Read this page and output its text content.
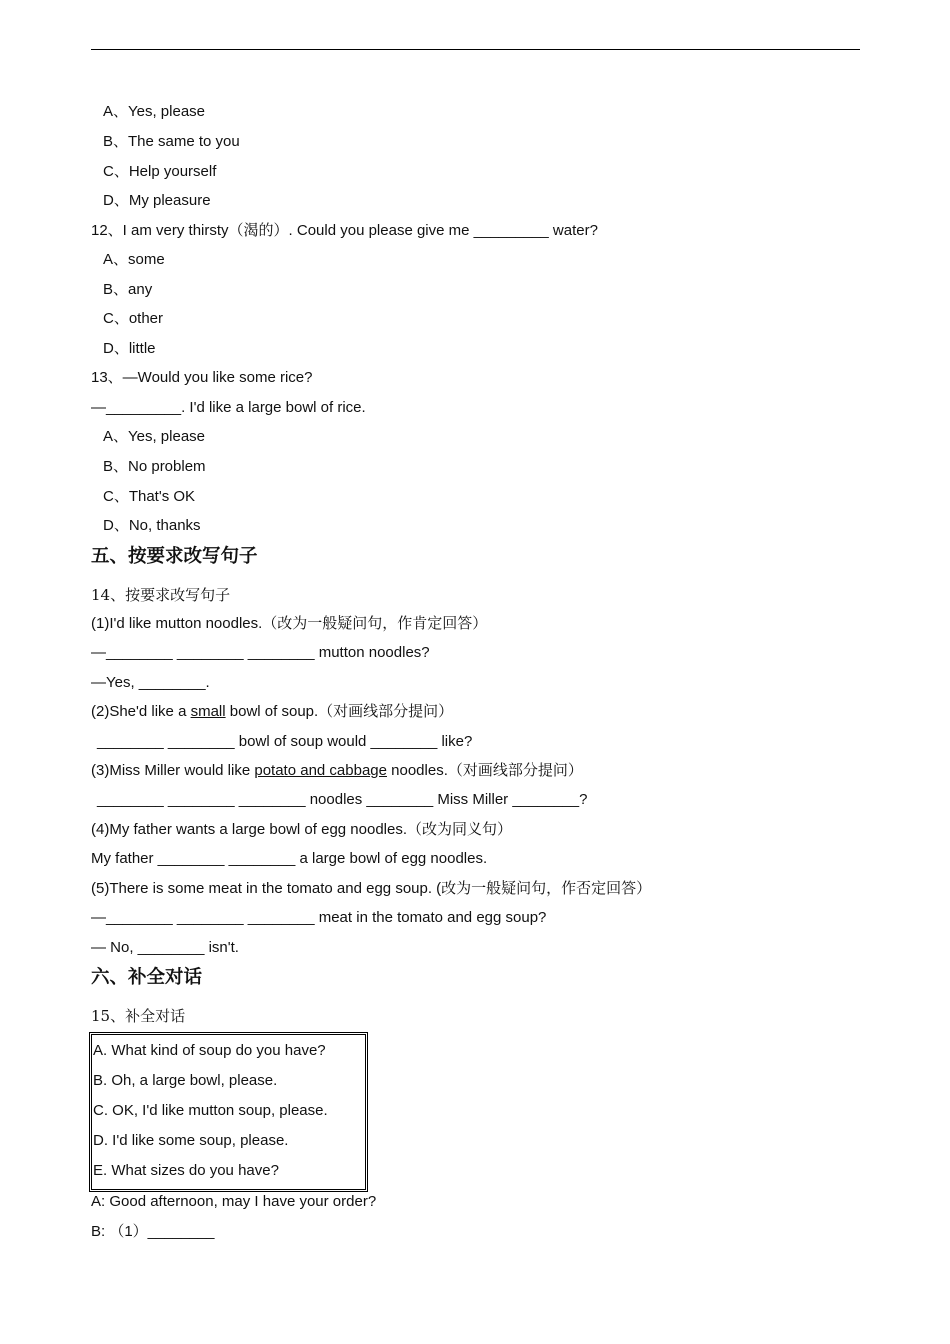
A、Yes, please
B、The same to you
C、Help yourself
D、My pleasure
12、I am very thirsty（渴的）. Could you please give me _________ water?
A、some
B、any
C、other
D、little
13、—Would you like some rice?
—_________. I'd like a large bowl of rice.
A、Yes, please
B、No problem
C、That's OK
D、No, thanks
五、按要求改写句子
14、按要求改写句子
(1)I'd like mutton noodles.（改为一般疑问句，作肯定回答）
—________ ________ ________ mutton noodles?
—Yes, ________.
(2)She'd like a small bowl of soup.（对画线部分提问）
________ ________ bowl of soup would ________ like?
(3)Miss Miller would like potato and cabbage noodles.（对画线部分提问）
________ ________ ________ noodles ________ Miss Miller ________?
(4)My father wants a large bowl of egg noodles.（改为同义句）
My father ________ ________ a large bowl of egg noodles.
(5)There is some meat in the tomato and egg soup. (改为一般疑问句，作否定回答）
—________ ________ ________ meat in the tomato and egg soup?
— No, ________ isn't.
六、补全对话
15、补全对话
A. What kind of soup do you have?
B. Oh, a large bowl, please.
C. OK, I'd like mutton soup, please.
D. I'd like some soup, please.
E. What sizes do you have?
A: Good afternoon, may I have your order?
B: （1）________
